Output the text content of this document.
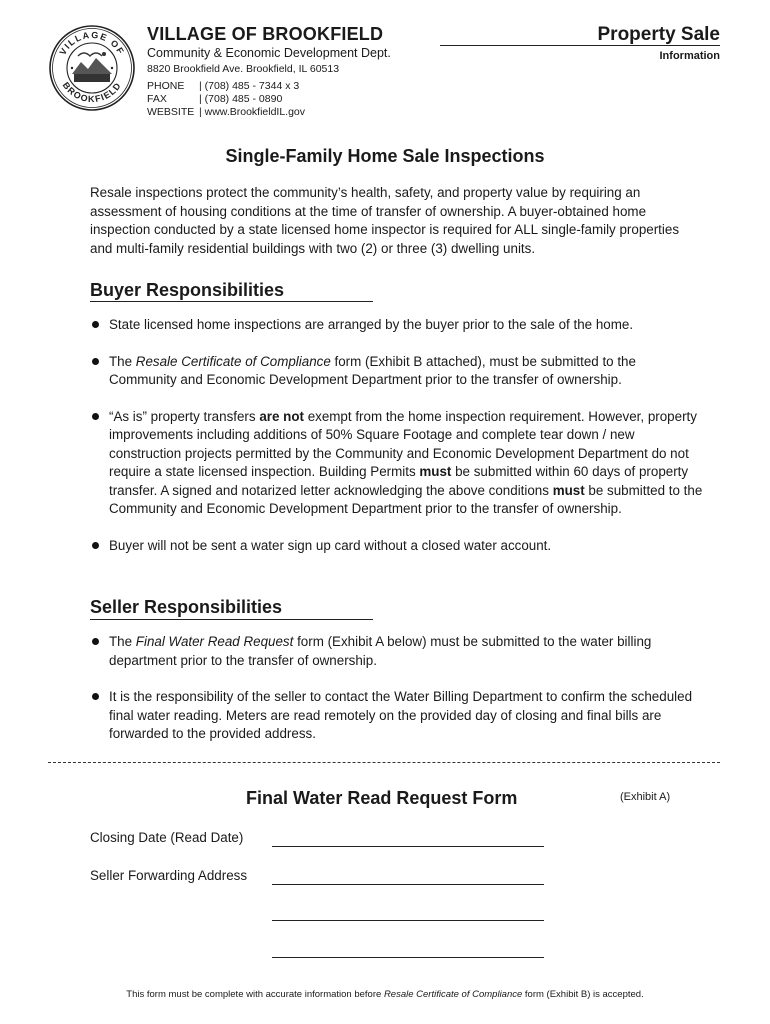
VILLAGE OF
BROOKFIELD
VILLAGE OF BROOKFIELD
Community & Economic Development Dept.
8820 Brookfield Ave. Brookfield, IL 60513
PHONE | (708) 485 - 7344 x 3
FAX	| (708) 485 - 0890
WEBSITE | www.BrookfieldIL.gov
Property Sale
Information
Single-Family Home Sale Inspections
Resale inspections protect the community’s health, safety, and property value by requiring an assessment of housing conditions at the time of transfer of ownership. A buyer-obtained home inspection conducted by a state licensed home inspector is required for ALL single-family properties and multi-family residential buildings with two (2) or three (3) dwelling units.
Buyer Responsibilities
State licensed home inspections are arranged by the buyer prior to the sale of the home.
The Resale Certificate of Compliance form (Exhibit B attached), must be submitted to the Community and Economic Development Department prior to the transfer of ownership.
“As is” property transfers are not exempt from the home inspection requirement. However, property improvements including additions of 50% Square Footage and complete tear down / new construction projects permitted by the Community and Economic Development Department do not require a state licensed inspection. Building Permits must be submitted within 60 days of property transfer. A signed and notarized letter acknowledging the above conditions must be submitted to the Community and Economic Development Department prior to the transfer of ownership.
Buyer will not be sent a water sign up card without a closed water account.
Seller Responsibilities
The Final Water Read Request form (Exhibit A below) must be submitted to the water billing department prior to the transfer of ownership.
It is the responsibility of the seller to contact the Water Billing Department to confirm the scheduled final water reading. Meters are read remotely on the provided day of closing and final bills are forwarded to the provided address.
Final Water Read Request Form	(Exhibit A)
Closing Date (Read Date)
Seller Forwarding Address
This form must be complete with accurate information before Resale Certificate of Compliance form (Exhibit B) is accepted.
